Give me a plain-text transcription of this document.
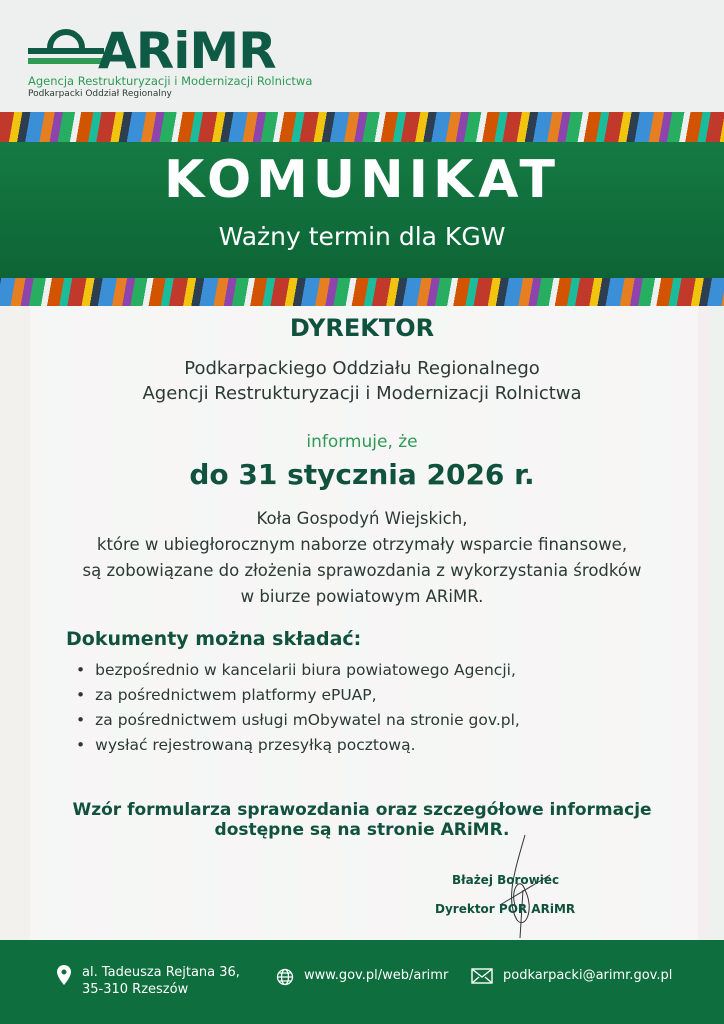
ARiMR
Agencja Restrukturyzacji i Modernizacji Rolnictwa
Podkarpacki Oddział Regionalny
KOMUNIKAT
Ważny termin dla KGW
DYREKTOR
Podkarpackiego Oddziału Regionalnego
Agencji Restrukturyzacji i Modernizacji Rolnictwa
informuje, że
do 31 stycznia 2026 r.
Koła Gospodyń Wiejskich,
które w ubiegłorocznym naborze otrzymały wsparcie finansowe,
są zobowiązane do złożenia sprawozdania z wykorzystania środków
w biurze powiatowym ARiMR.
Dokumenty można składać:
• bezpośrednio w kancelarii biura powiatowego Agencji,
• za pośrednictwem platformy ePUAP,
• za pośrednictwem usługi mObywatel na stronie gov.pl,
• wysłać rejestrowaną przesyłką pocztową.
Wzór formularza sprawozdania oraz szczegółowe informacje
dostępne są na stronie ARiMR.
Błażej Borowiec
Dyrektor POR ARiMR
al. Tadeusza Rejtana 36,
35-310 Rzeszów
www.gov.pl/web/arimr	podkarpacki@arimr.gov.pl
